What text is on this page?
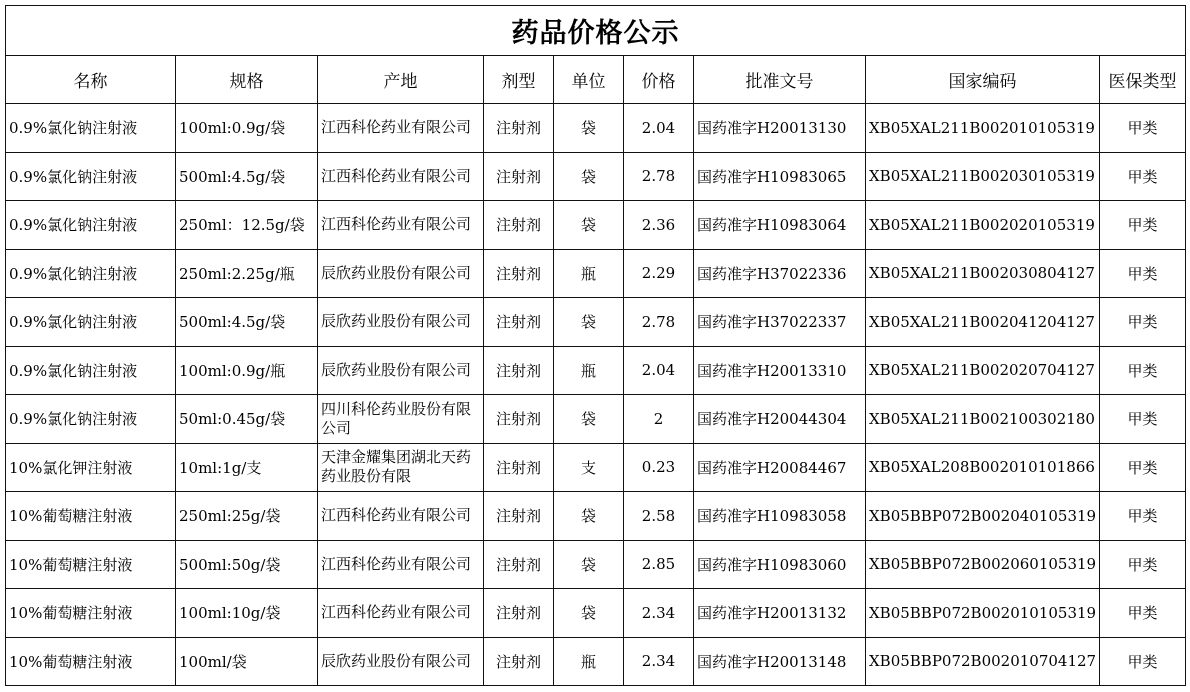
药品价格公示								
名称	规格	产地	剂型	单位	价格	批准文号	国家编码	医保类型
0.9%氯化钠注射液	100ml:0.9g/袋	江西科伦药业有限公司	注射剂	袋	2.04	国药准字H20013130	XB05XAL211B002010105319	甲类
0.9%氯化钠注射液	500ml:4.5g/袋	江西科伦药业有限公司	注射剂	袋	2.78	国药准字H10983065	XB05XAL211B002030105319	甲类
0.9%氯化钠注射液	250ml：12.5g/袋	江西科伦药业有限公司	注射剂	袋	2.36	国药准字H10983064	XB05XAL211B002020105319	甲类
0.9%氯化钠注射液	250ml:2.25g/瓶	辰欣药业股份有限公司	注射剂	瓶	2.29	国药准字H37022336	XB05XAL211B002030804127	甲类
0.9%氯化钠注射液	500ml:4.5g/袋	辰欣药业股份有限公司	注射剂	袋	2.78	国药准字H37022337	XB05XAL211B002041204127	甲类
0.9%氯化钠注射液	100ml:0.9g/瓶	辰欣药业股份有限公司	注射剂	瓶	2.04	国药准字H20013310	XB05XAL211B002020704127	甲类
0.9%氯化钠注射液	50ml:0.45g/袋	四川科伦药业股份有限公司	注射剂	袋	2	国药准字H20044304	XB05XAL211B002100302180	甲类
10%氯化钾注射液	10ml:1g/支	天津金耀集团湖北天药药业股份有限	注射剂	支	0.23	国药准字H20084467	XB05XAL208B002010101866	甲类
10%葡萄糖注射液	250ml:25g/袋	江西科伦药业有限公司	注射剂	袋	2.58	国药准字H10983058	XB05BBP072B002040105319	甲类
10%葡萄糖注射液	500ml:50g/袋	江西科伦药业有限公司	注射剂	袋	2.85	国药准字H10983060	XB05BBP072B002060105319	甲类
10%葡萄糖注射液	100ml:10g/袋	江西科伦药业有限公司	注射剂	袋	2.34	国药准字H20013132	XB05BBP072B002010105319	甲类
10%葡萄糖注射液	100ml/袋	辰欣药业股份有限公司	注射剂	瓶	2.34	国药准字H20013148	XB05BBP072B002010704127	甲类
